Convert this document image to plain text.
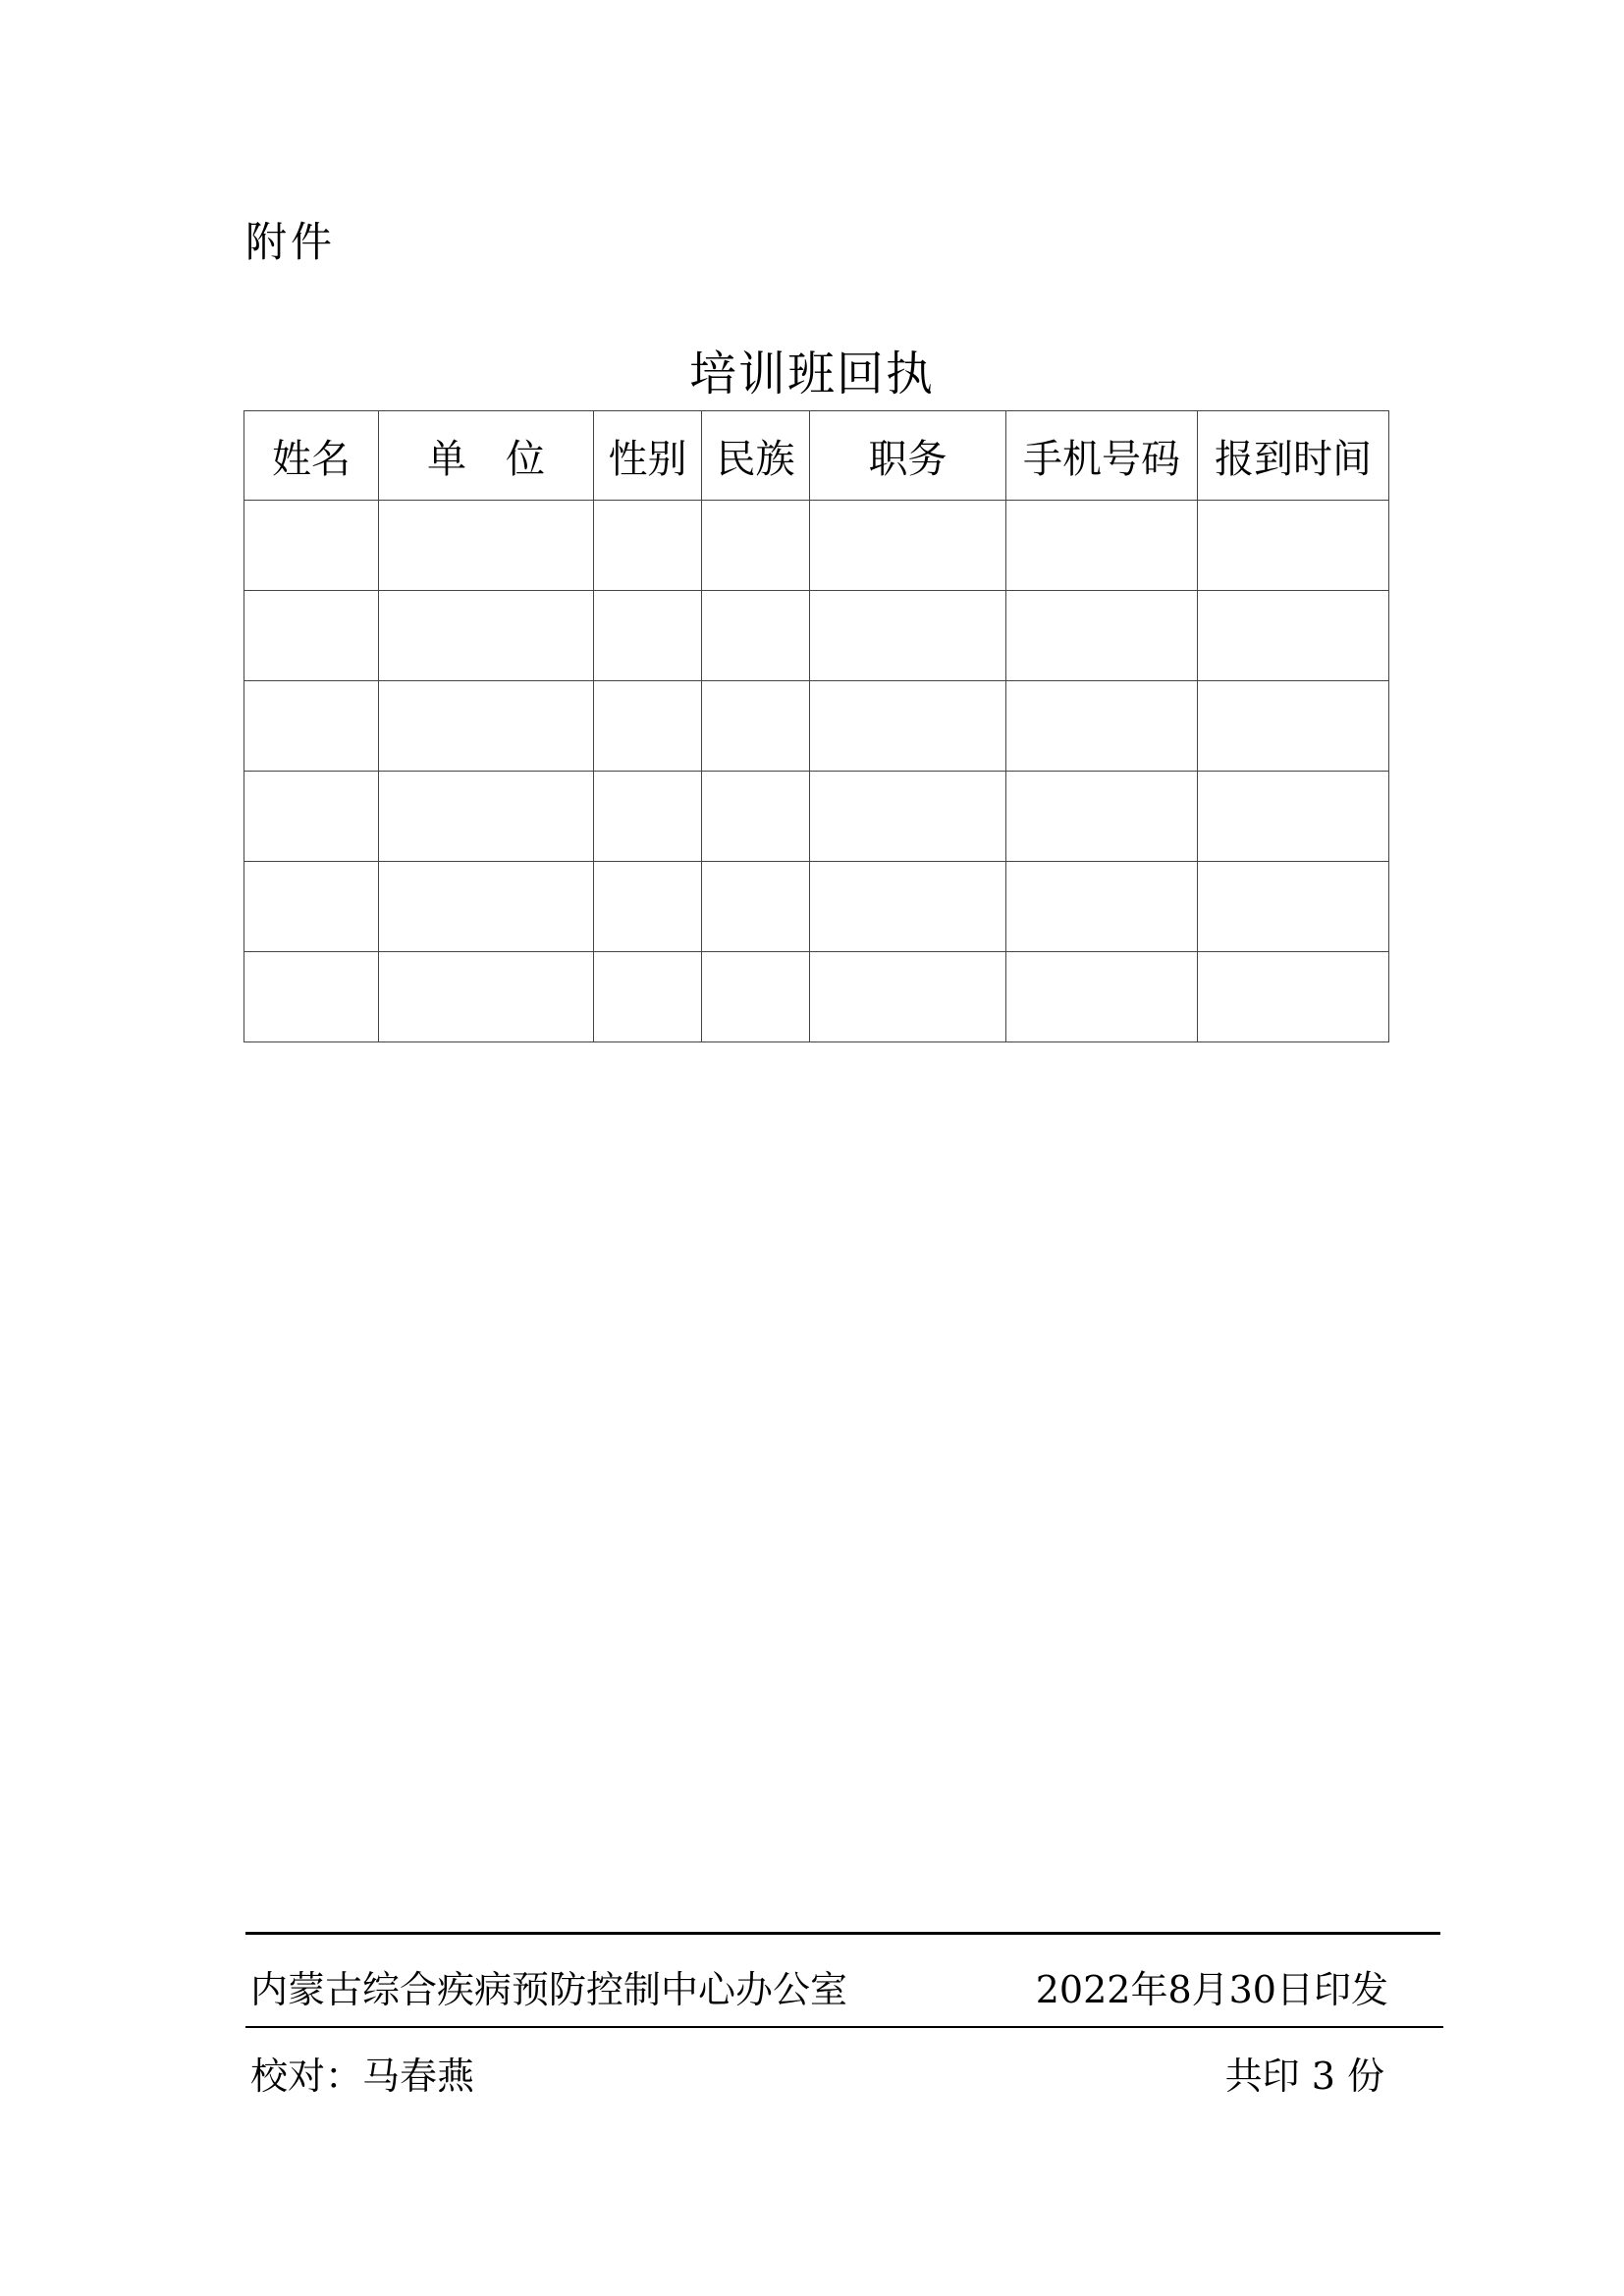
附件
培训班回执
姓名	单　位	性别	民族	职务	手机号码	报到时间

内蒙古综合疾病预防控制中心办公室	2022年8月30日印发
校对：马春燕	共印 3 份
